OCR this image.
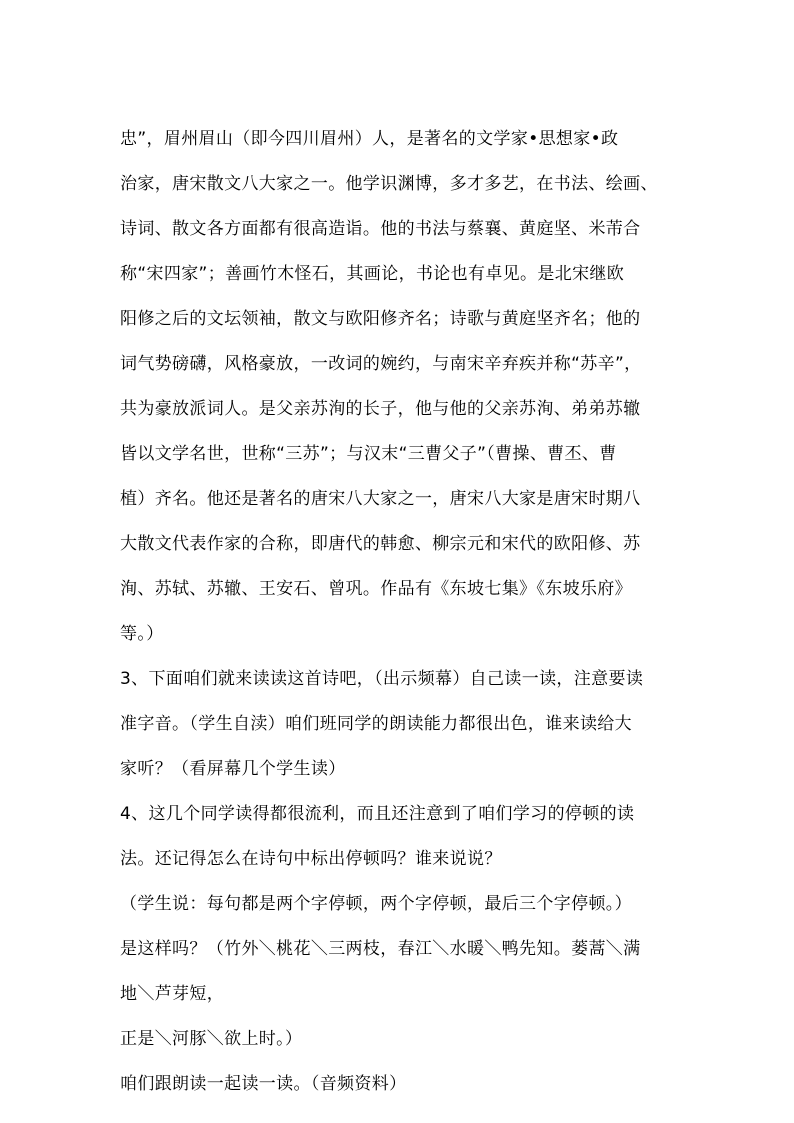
忠”，眉州眉山（即今四川眉州）人，是著名的文学家•思想家•政
治家，唐宋散文八大家之一。他学识渊博，多才多艺，在书法、绘画、
诗词、散文各方面都有很高造诣。他的书法与蔡襄、黄庭坚、米芾合
称“宋四家”；善画竹木怪石，其画论，书论也有卓见。是北宋继欧
阳修之后的文坛领袖，散文与欧阳修齐名；诗歌与黄庭坚齐名；他的
词气势磅礴，风格豪放，一改词的婉约，与南宋辛弃疾并称“苏辛”，
共为豪放派词人。是父亲苏洵的长子，他与他的父亲苏洵、弟弟苏辙
皆以文学名世，世称“三苏”；与汉末“三曹父子”（曹操、曹丕、曹
植）齐名。他还是著名的唐宋八大家之一，唐宋八大家是唐宋时期八
大散文代表作家的合称，即唐代的韩愈、柳宗元和宋代的欧阳修、苏
洵、苏轼、苏辙、王安石、曾巩。作品有《东坡七集》《东坡乐府》
等。）
3、下面咱们就来读读这首诗吧，（出示频幕）自己读一读，注意要读
准字音。（学生自渎）咱们班同学的朗读能力都很出色，谁来读给大
家听？（看屏幕几个学生读）
4、这几个同学读得都很流利，而且还注意到了咱们学习的停顿的读
法。还记得怎么在诗句中标出停顿吗？谁来说说？
（学生说：每句都是两个字停顿，两个字停顿，最后三个字停顿。）
是这样吗？（竹外＼桃花＼三两枝，春江＼水暖＼鸭先知。蒌蒿＼满
地＼芦芽短，
正是＼河豚＼欲上时。）
咱们跟朗读一起读一读。（音频资料）
